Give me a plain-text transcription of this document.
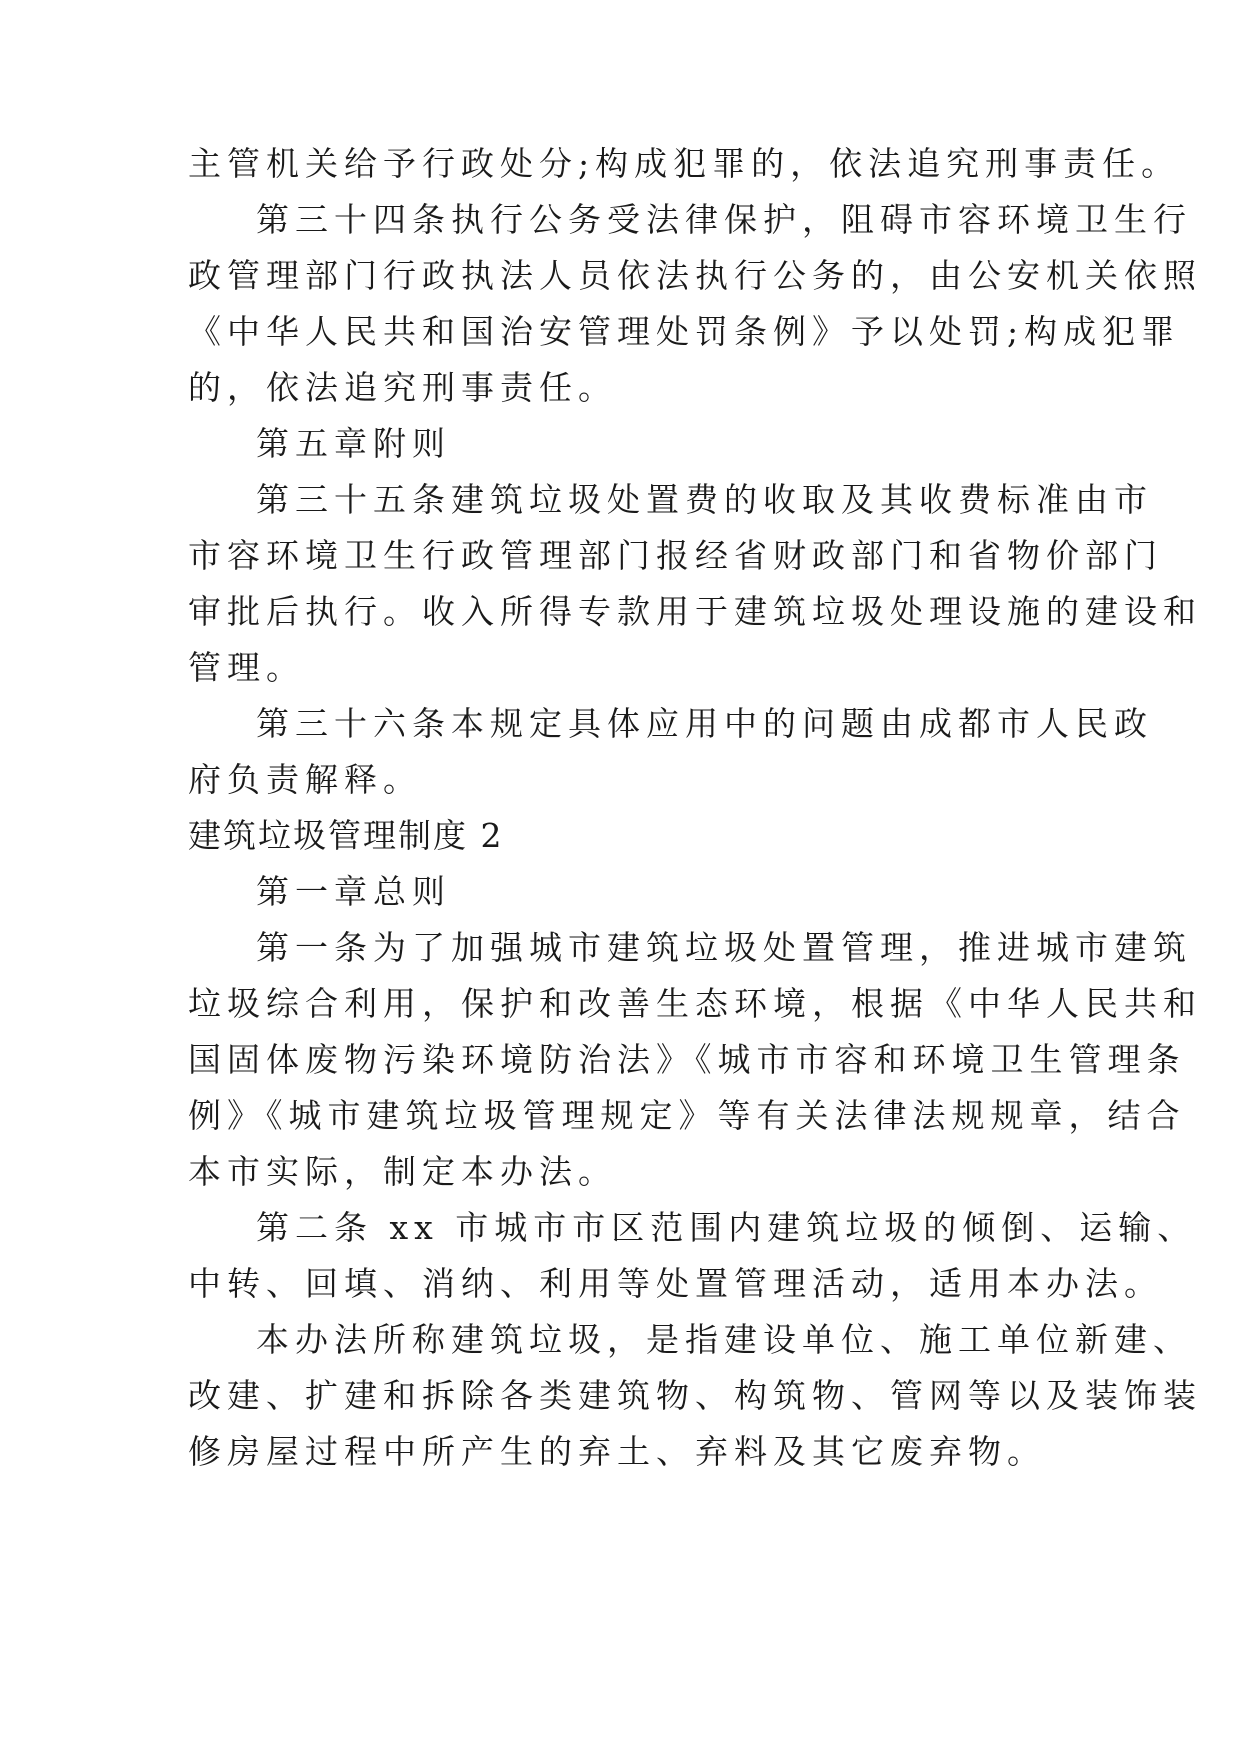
主管机关给予行政处分;构成犯罪的，依法追究刑事责任。
第三十四条执行公务受法律保护，阻碍市容环境卫生行
政管理部门行政执法人员依法执行公务的，由公安机关依照
《中华人民共和国治安管理处罚条例》予以处罚;构成犯罪
的，依法追究刑事责任。
第五章附则
第三十五条建筑垃圾处置费的收取及其收费标准由市
市容环境卫生行政管理部门报经省财政部门和省物价部门
审批后执行。收入所得专款用于建筑垃圾处理设施的建设和
管理。
第三十六条本规定具体应用中的问题由成都市人民政
府负责解释。
建筑垃圾管理制度 2
第一章总则
第一条为了加强城市建筑垃圾处置管理，推进城市建筑
垃圾综合利用，保护和改善生态环境，根据《中华人民共和
国固体废物污染环境防治法》《城市市容和环境卫生管理条
例》《城市建筑垃圾管理规定》等有关法律法规规章，结合
本市实际，制定本办法。
第二条 xx 市城市市区范围内建筑垃圾的倾倒、运输、
中转、回填、消纳、利用等处置管理活动，适用本办法。
本办法所称建筑垃圾，是指建设单位、施工单位新建、
改建、扩建和拆除各类建筑物、构筑物、管网等以及装饰装
修房屋过程中所产生的弃土、弃料及其它废弃物。
